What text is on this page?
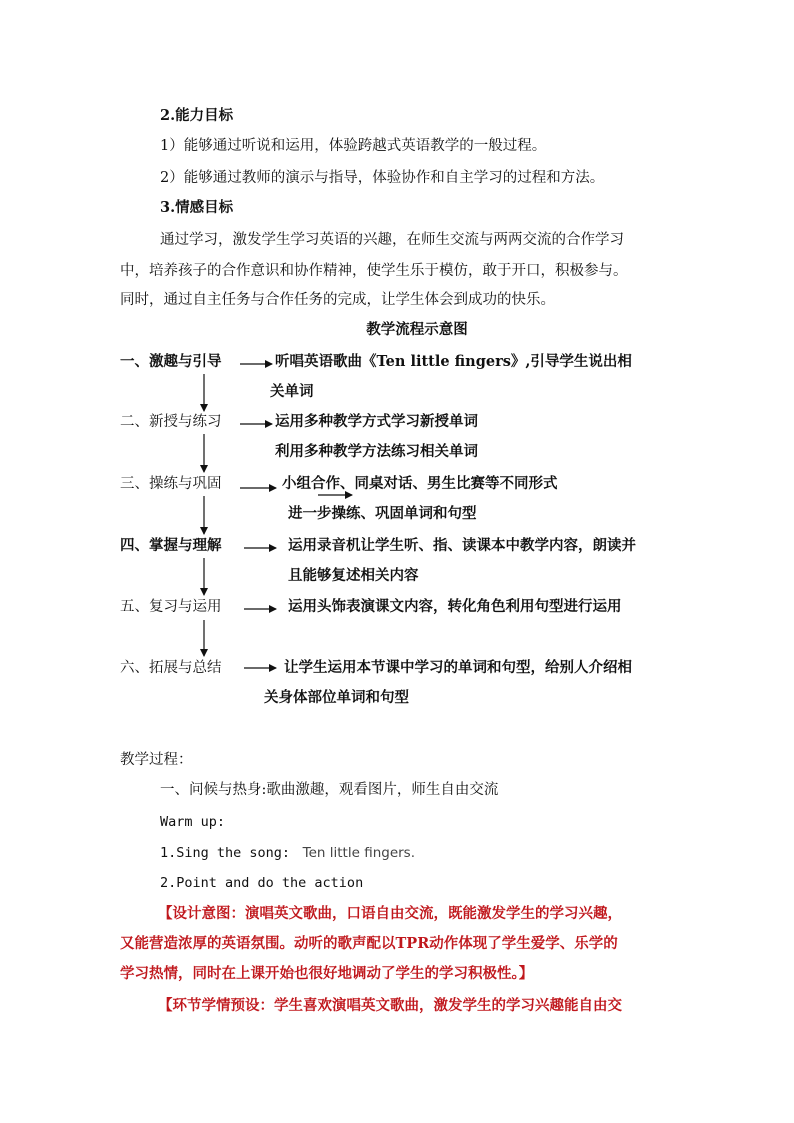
2.能力目标
1）能够通过听说和运用，体验跨越式英语教学的一般过程。
2）能够通过教师的演示与指导，体验协作和自主学习的过程和方法。
3.情感目标
通过学习，激发学生学习英语的兴趣，在师生交流与两两交流的合作学习
中，培养孩子的合作意识和协作精神，使学生乐于模仿，敢于开口，积极参与。
同时，通过自主任务与合作任务的完成，让学生体会到成功的快乐。
教学流程示意图
一、激趣与引导	听唱英语歌曲《Ten little fingers》,引导学生说出相
关单词
二、新授与练习	运用多种教学方式学习新授单词
利用多种教学方法练习相关单词
三、操练与巩固	小组合作、同桌对话、男生比赛等不同形式
进一步操练、巩固单词和句型
四、掌握与理解	运用录音机让学生听、指、读课本中教学内容，朗读并
且能够复述相关内容
五、复习与运用	运用头饰表演课文内容，转化角色利用句型进行运用
六、拓展与总结	让学生运用本节课中学习的单词和句型，给别人介绍相
关身体部位单词和句型
教学过程：
一、问候与热身:歌曲激趣，观看图片，师生自由交流
Warm up:
1.Sing the song: Ten little fingers.
2.Point and do the action
【设计意图：演唱英文歌曲，口语自由交流，既能激发学生的学习兴趣，
又能营造浓厚的英语氛围。动听的歌声配以TPR动作体现了学生爱学、乐学的
学习热情，同时在上课开始也很好地调动了学生的学习积极性。】
【环节学情预设：学生喜欢演唱英文歌曲，激发学生的学习兴趣能自由交
